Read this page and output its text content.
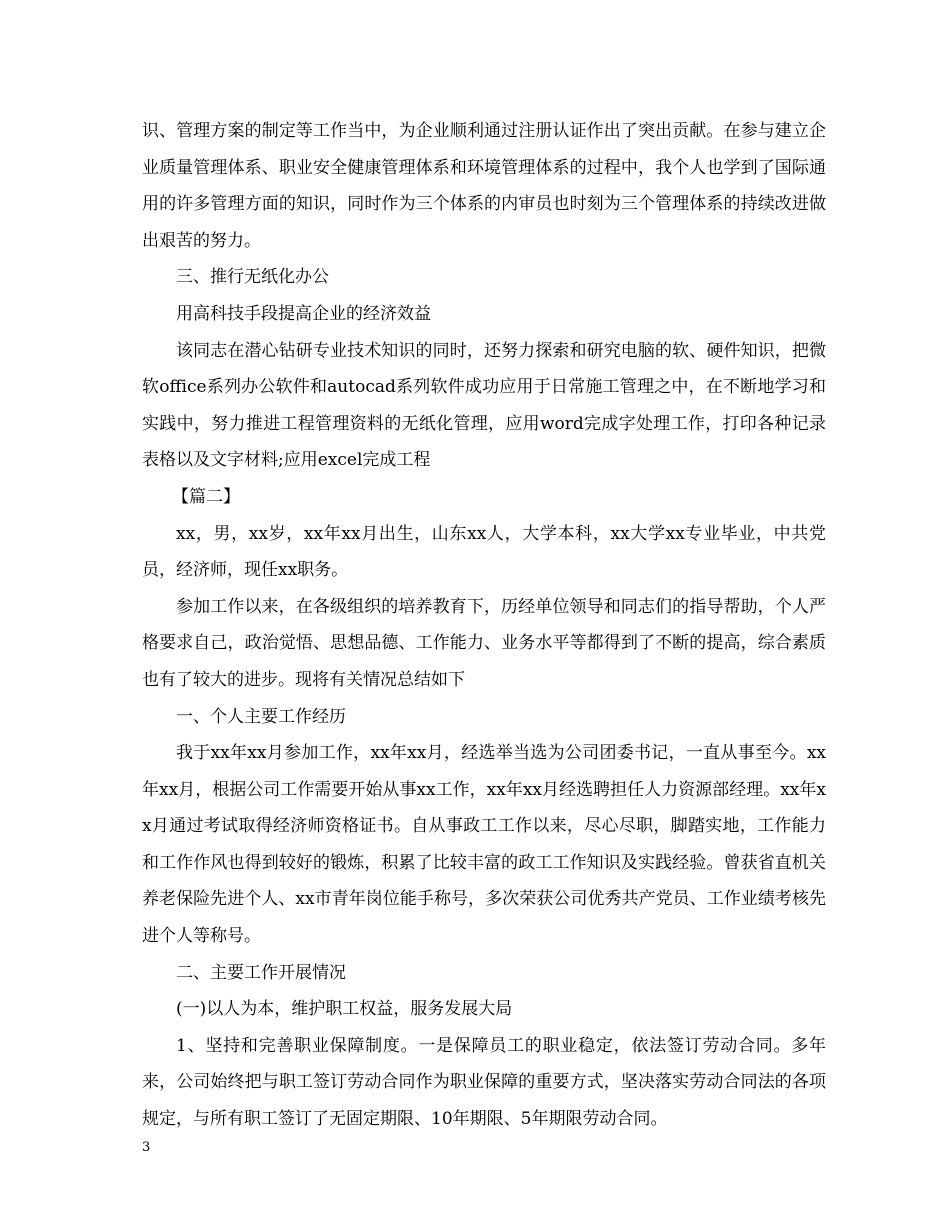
识、管理方案的制定等工作当中，为企业顺利通过注册认证作出了突出贡献。在参与建立企业质量管理体系、职业安全健康管理体系和环境管理体系的过程中，我个人也学到了国际通用的许多管理方面的知识，同时作为三个体系的内审员也时刻为三个管理体系的持续改进做出艰苦的努力。

三、推行无纸化办公

用高科技手段提高企业的经济效益

该同志在潜心钻研专业技术知识的同时，还努力探索和研究电脑的软、硬件知识，把微软office系列办公软件和autocad系列软件成功应用于日常施工管理之中，在不断地学习和实践中，努力推进工程管理资料的无纸化管理，应用word完成字处理工作，打印各种记录表格以及文字材料;应用excel完成工程

【篇二】

xx，男，xx岁，xx年xx月出生，山东xx人，大学本科，xx大学xx专业毕业，中共党员，经济师，现任xx职务。

参加工作以来，在各级组织的培养教育下，历经单位领导和同志们的指导帮助，个人严格要求自己，政治觉悟、思想品德、工作能力、业务水平等都得到了不断的提高，综合素质也有了较大的进步。现将有关情况总结如下

一、个人主要工作经历

我于xx年xx月参加工作，xx年xx月，经选举当选为公司团委书记，一直从事至今。xx年xx月，根据公司工作需要开始从事xx工作，xx年xx月经选聘担任人力资源部经理。xx年xx月通过考试取得经济师资格证书。自从事政工工作以来，尽心尽职，脚踏实地，工作能力和工作作风也得到较好的锻炼，积累了比较丰富的政工工作知识及实践经验。曾获省直机关养老保险先进个人、xx市青年岗位能手称号，多次荣获公司优秀共产党员、工作业绩考核先进个人等称号。

二、主要工作开展情况

(一)以人为本，维护职工权益，服务发展大局

1、坚持和完善职业保障制度。一是保障员工的职业稳定，依法签订劳动合同。多年来，公司始终把与职工签订劳动合同作为职业保障的重要方式，坚决落实劳动合同法的各项规定，与所有职工签订了无固定期限、10年期限、5年期限劳动合同。

3
